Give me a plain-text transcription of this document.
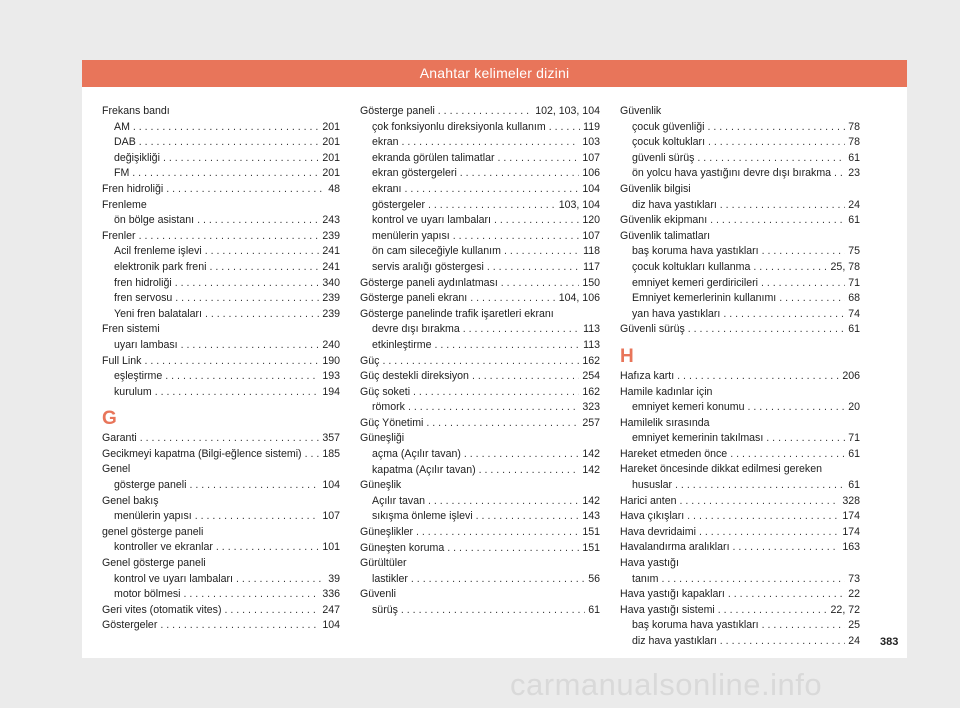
Anahtar kelimeler dizini
Frekans bandı
AM . . .	201
DAB . . .	201
değişikliği . . .	201
FM . . .	201
Fren hidroliği . . .	48
Frenleme
ön bölge asistanı . . .	243
Frenler . . .	239
Acil frenleme işlevi . . .	241
elektronik park freni . . .	241
fren hidroliği . . .	340
fren servosu . . .	239
Yeni fren balataları . . .	239
Fren sistemi
uyarı lambası . . .	240
Full Link . . .	190
eşleştirme . . .	193
kurulum . . .	194
G
Garanti . . .	357
Gecikmeyi kapatma (Bilgi-eğlence sistemi) . . . 185
Genel
gösterge paneli . . .	104
Genel bakış
menülerin yapısı . . .	107
genel gösterge paneli
kontroller ve ekranlar . . .	101
Genel gösterge paneli
kontrol ve uyarı lambaları . . .	39
motor bölmesi . . .	336
Geri vites (otomatik vites) . . .	247
Göstergeler . . .	104
Gösterge paneli . . .	102, 103, 104
çok fonksiyonlu direksiyonla kullanım . . .	119
ekran . . .	103
ekranda görülen talimatlar . . .	107
ekran göstergeleri . . .	106
ekranı . . .	104
göstergeler . . .	103, 104
kontrol ve uyarı lambaları . . .	120
menülerin yapısı . . .	107
ön cam sileceğiyle kullanım . . .	118
servis aralığı göstergesi . . .	117
Gösterge paneli aydınlatması . . .	150
Gösterge paneli ekranı . . .	104, 106
Gösterge panelinde trafik işaretleri ekranı
devre dışı bırakma . . .	113
etkinleştirme . . .	113
Güç . . .	162
Güç destekli direksiyon . . .	254
Güç soketi . . .	162
römork . . .	323
Güç Yönetimi . . .	257
Güneşliği
açma (Açılır tavan) . . .	142
kapatma (Açılır tavan) . . .	142
Güneşlik
Açılır tavan . . .	142
sıkışma önleme işlevi . . .	143
Güneşlikler . . .	151
Güneşten koruma . . .	151
Gürültüler
lastikler . . .	56
Güvenli
sürüş . . .	61
Güvenlik
çocuk güvenliği . . .	78
çocuk koltukları . . .	78
güvenli sürüş . . .	61
ön yolcu hava yastığını devre dışı bırakma . . . 23
Güvenlik bilgisi
diz hava yastıkları . . .	24
Güvenlik ekipmanı . . .	61
Güvenlik talimatları
baş koruma hava yastıkları . . .	75
çocuk koltukları kullanma . . .	25, 78
emniyet kemeri gerdiricileri . . .	71
Emniyet kemerlerinin kullanımı . . .	68
yan hava yastıkları . . .	74
Güvenli sürüş . . .	61
H
Hafıza kartı . . .	206
Hamile kadınlar için
emniyet kemeri konumu . . .	20
Hamilelik sırasında
emniyet kemerinin takılması . . .	71
Hareket etmeden önce . . .	61
Hareket öncesinde dikkat edilmesi gereken
hususlar . . .	61
Harici anten . . .	328
Hava çıkışları . . .	174
Hava devridaimi . . .	174
Havalandırma aralıkları . . .	163
Hava yastığı
tanım . . .	73
Hava yastığı kapakları . . .	22
Hava yastığı sistemi . . .	22, 72
baş koruma hava yastıkları . . .	25
diz hava yastıkları . . .	24 383
carmanualsonline.info
